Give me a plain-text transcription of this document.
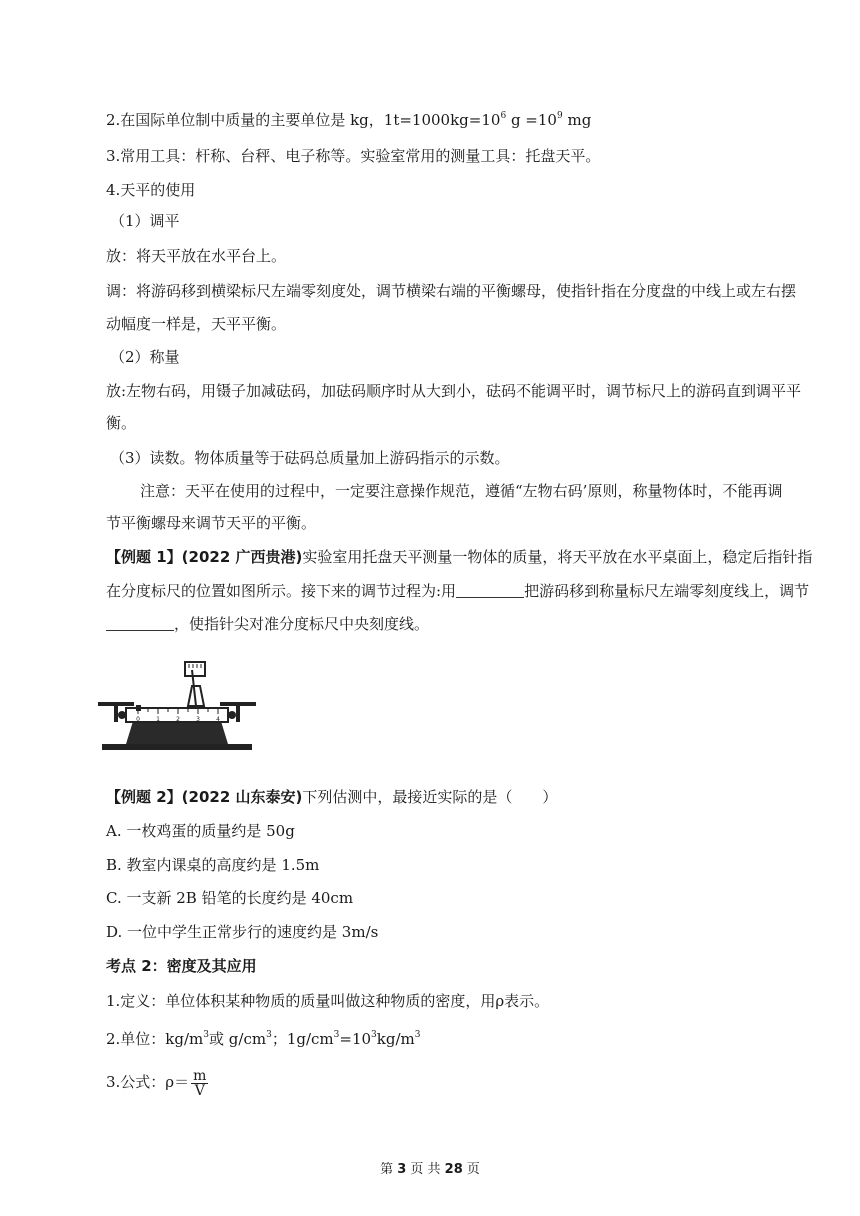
2.在国际单位制中质量的主要单位是 kg，$1t=1000kg=10^6$ $g =10^9$ mg
3.常用工具：杆称、台秤、电子称等。实验室常用的测量工具：托盘天平。
4.天平的使用
（1）调平
放：将天平放在水平台上。
调：将游码移到横梁标尺左端零刻度处，调节横梁右端的平衡螺母，使指针指在分度盘的中线上或左右摆
动幅度一样是，天平平衡。
（2）称量
放:左物右码，用镊子加减砝码，加砝码顺序时从大到小，砝码不能调平时，调节标尺上的游码直到调平平
衡。
（3）读数。物体质量等于砝码总质量加上游码指示的示数。
注意：天平在使用的过程中，一定要注意操作规范，遵循“左物右码’原则，称量物体时，不能再调
节平衡螺母来调节天平的平衡。
【例题 1】(2022 广西贵港)实验室用托盘天平测量一物体的质量，将天平放在水平桌面上，稳定后指针指
在分度标尺的位置如图所示。接下来的调节过程为:用	把游码移到称量标尺左端零刻度线上，调节
，使指针尖对准分度标尺中央刻度线。
0	1	2	3	4
【例题 2】(2022 山东泰安)下列估测中，最接近实际的是（　　）
A. 一枚鸡蛋的质量约是 50g
B. 教室内课桌的高度约是 1.5m
C. 一支新 2B 铅笔的长度约是 40cm
D. 一位中学生正常步行的速度约是 3m/s
考点 2：密度及其应用
1.定义：单位体积某种物质的质量叫做这种物质的密度，用ρ表示。
2.单位：$kg/m^3$或 $g/cm^3$；$1g/cm^3=10^3kg/m^3$
3.公式：$\rho= \frac{m}{V}$
第 3 页 共 28 页
